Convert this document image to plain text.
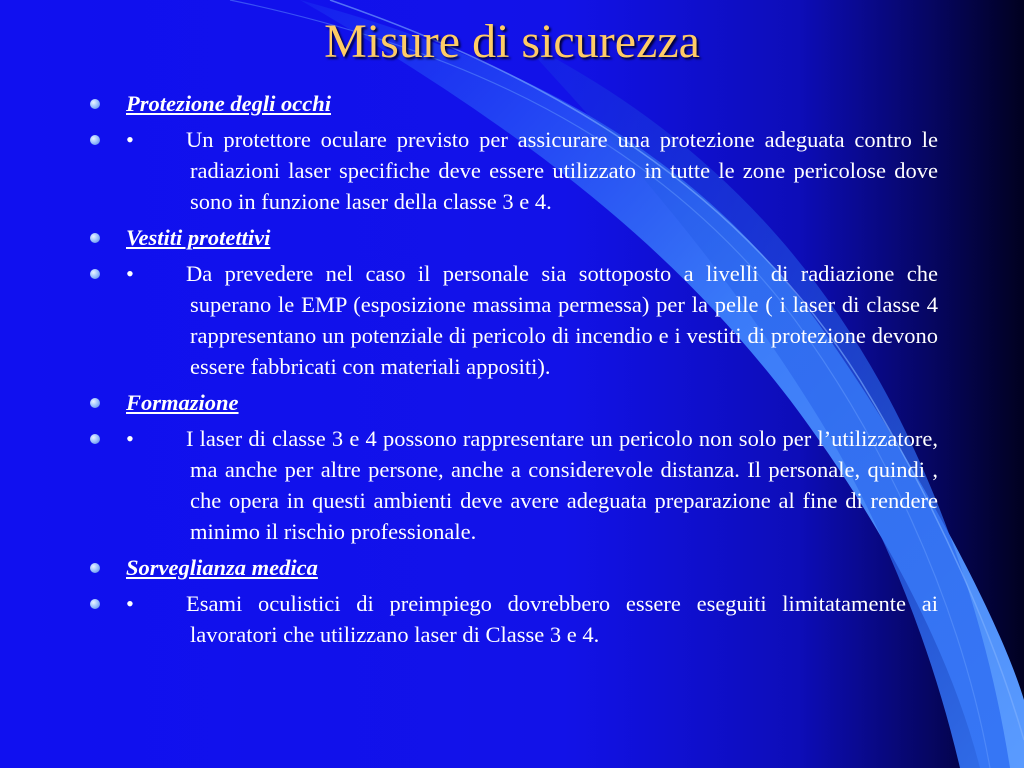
Misure di sicurezza
Protezione degli occhi
• Un protettore oculare previsto per assicurare una protezione adeguata contro le radiazioni laser specifiche deve essere utilizzato in tutte le zone pericolose dove sono in funzione laser della classe 3 e 4.
Vestiti protettivi
• Da prevedere nel caso il personale sia sottoposto a livelli di radiazione che superano le EMP (esposizione massima permessa) per la pelle ( i laser di classe 4 rappresentano un potenziale di pericolo di incendio e i vestiti di protezione devono essere fabbricati con materiali appositi).
Formazione
• I laser di classe 3 e 4 possono rappresentare un pericolo non solo per l’utilizzatore, ma anche per altre persone, anche a considerevole distanza. Il personale, quindi , che opera in questi ambienti deve avere adeguata preparazione al fine di rendere minimo il rischio professionale.
Sorveglianza medica
• Esami oculistici di preimpiego dovrebbero essere eseguiti limitatamente ai lavoratori che utilizzano laser di Classe 3 e 4.
